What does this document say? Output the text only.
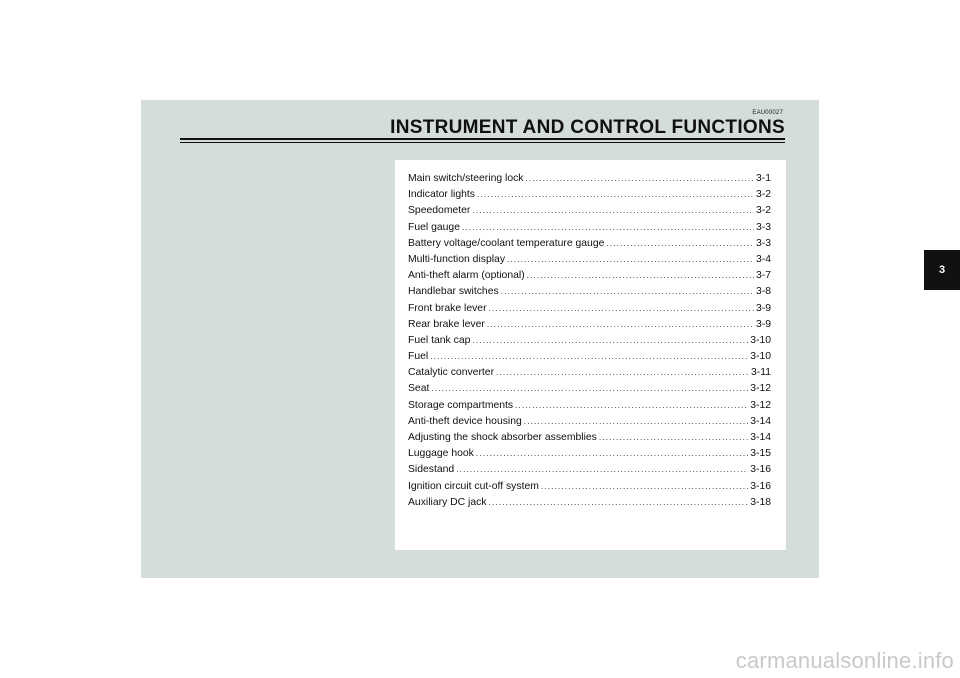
EAU00027
INSTRUMENT AND CONTROL FUNCTIONS
Main switch/steering lock .....	3-1
Indicator lights .....	3-2
Speedometer .....	3-2
Fuel gauge .....	3-3
Battery voltage/coolant temperature gauge .....	3-3
Multi-function display .....	3-4
Anti-theft alarm (optional) .....	3-7
Handlebar switches .....	3-8
Front brake lever .....	3-9
Rear brake lever .....	3-9
Fuel tank cap .....	3-10
Fuel .....	3-10
Catalytic converter .....	3-11
Seat .....	3-12
Storage compartments .....	3-12
Anti-theft device housing .....	3-14
Adjusting the shock absorber assemblies .....	3-14
Luggage hook .....	3-15
Sidestand .....	3-16
Ignition circuit cut-off system .....	3-16
Auxiliary DC jack .....	3-18
3
carmanualsonline.info
